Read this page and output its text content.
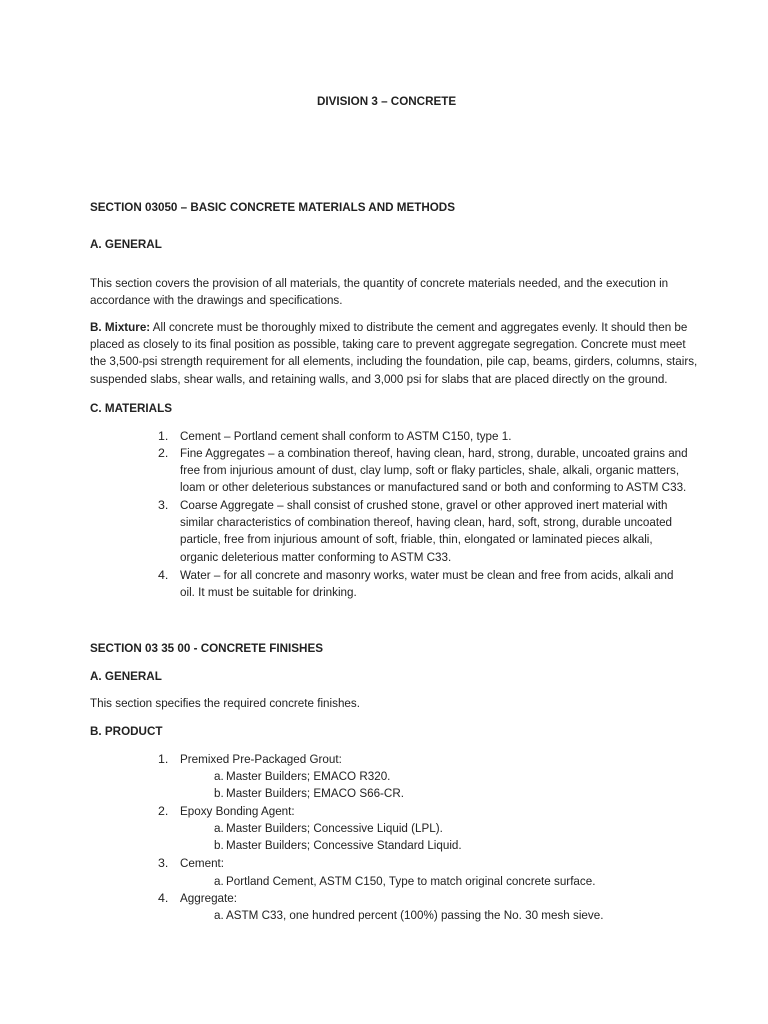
DIVISION 3 – CONCRETE
SECTION 03050 – BASIC CONCRETE MATERIALS AND METHODS
A. GENERAL

This section covers the provision of all materials, the quantity of concrete materials needed, and the execution in

accordance with the drawings and specifications.

B. Mixture: All concrete must be thoroughly mixed to distribute the cement and aggregates evenly. It should then be

placed as closely to its final position as possible, taking care to prevent aggregate segregation. Concrete must meet

the 3,500-psi strength requirement for all elements, including the foundation, pile cap, beams, girders, columns, stairs,

suspended slabs, shear walls, and retaining walls, and 3,000 psi for slabs that are placed directly on the ground.

C. MATERIALS
1. Cement – Portland cement shall conform to ASTM C150, type 1.

2. Fine Aggregates – a combination thereof, having clean, hard, strong, durable, uncoated grains and

free from injurious amount of dust, clay lump, soft or flaky particles, shale, alkali, organic matters,

loam or other deleterious substances or manufactured sand or both and conforming to ASTM C33.

3. Coarse Aggregate – shall consist of crushed stone, gravel or other approved inert material with

similar characteristics of combination thereof, having clean, hard, soft, strong, durable uncoated

particle, free from injurious amount of soft, friable, thin, elongated or laminated pieces alkali,

organic deleterious matter conforming to ASTM C33.

4. Water – for all concrete and masonry works, water must be clean and free from acids, alkali and

oil. It must be suitable for drinking.

SECTION 03 35 00 - CONCRETE FINISHES
A. GENERAL
This section specifies the required concrete finishes.
B. PRODUCT
1. Premixed Pre-Packaged Grout:
a. Master Builders; EMACO R320.
b. Master Builders; EMACO S66-CR.
2. Epoxy Bonding Agent:
a. Master Builders; Concessive Liquid (LPL).
b. Master Builders; Concessive Standard Liquid.
3. Cement:
a. Portland Cement, ASTM C150, Type to match original concrete surface.
4. Aggregate:
a. ASTM C33, one hundred percent (100%) passing the No. 30 mesh sieve.
